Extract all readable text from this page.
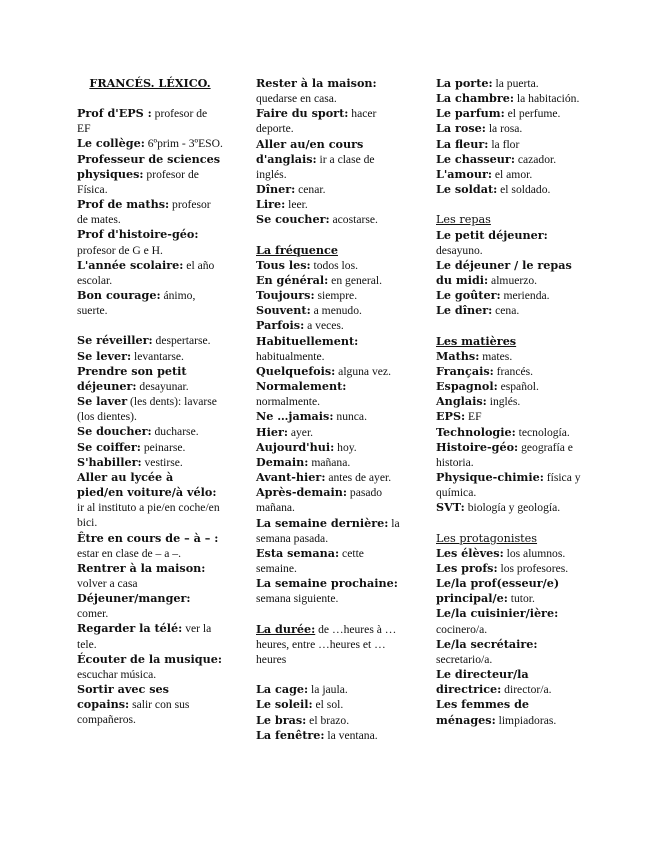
FRANCÉS. LÉXICO.
Prof d'EPS : profesor de EF
Le collège: 6ºprim - 3ºESO.
Professeur de sciences physiques: profesor de Física.
Prof de maths: profesor de mates.
Prof d'histoire-géo: profesor de G e H.
L'année scolaire: el año escolar.
Bon courage: ánimo, suerte.
Se réveiller: despertarse.
Se lever: levantarse.
Prendre son petit déjeuner: desayunar.
Se laver (les dents): lavarse (los dientes).
Se doucher: ducharse.
Se coiffer: peinarse.
S'habiller: vestirse.
Aller au lycée à pied/en voiture/à vélo: ir al instituto a pie/en coche/en bici.
Être en cours de – à – : estar en clase de – a –.
Rentrer à la maison: volver a casa
Déjeuner/manger: comer.
Regarder la télé: ver la tele.
Écouter de la musique: escuchar música.
Sortir avec ses copains: salir con sus compañeros.
Rester à la maison: quedarse en casa.
Faire du sport: hacer deporte.
Aller au/en cours d'anglais: ir a clase de inglés.
Dîner: cenar.
Lire: leer.
Se coucher: acostarse.
La fréquence
Tous les: todos los.
En général: en general.
Toujours: siempre.
Souvent: a menudo.
Parfois: a veces.
Habituellement: habitualmente.
Quelquefois: alguna vez.
Normalement: normalmente.
Ne …jamais: nunca.
Hier: ayer.
Aujourd'hui: hoy.
Demain: mañana.
Avant-hier: antes de ayer.
Après-demain: pasado mañana.
La semaine dernière: la semana pasada.
Esta semana: cette semaine.
La semaine prochaine: semana siguiente.
La durée: de …heures à …heures, entre …heures et …heures
La cage: la jaula.
Le soleil: el sol.
Le bras: el brazo.
La fenêtre: la ventana.
La porte: la puerta.
La chambre: la habitación.
Le parfum: el perfume.
La rose: la rosa.
La fleur: la flor
Le chasseur: cazador.
L'amour: el amor.
Le soldat: el soldado.
Les repas
Le petit déjeuner: desayuno.
Le déjeuner / le repas du midi: almuerzo.
Le goûter: merienda.
Le dîner: cena.
Les matières
Maths: mates.
Français: francés.
Espagnol: español.
Anglais: inglés.
EPS: EF
Technologie: tecnología.
Histoire-géo: geografía e historia.
Physique-chimie: física y química.
SVT: biología y geología.
Les protagonistes
Les élèves: los alumnos.
Les profs: los profesores.
Le/la prof(esseur/e) principal/e: tutor.
Le/la cuisinier/ière: cocinero/a.
Le/la secrétaire: secretario/a.
Le directeur/la directrice: director/a.
Les femmes de ménages: limpiadoras.
